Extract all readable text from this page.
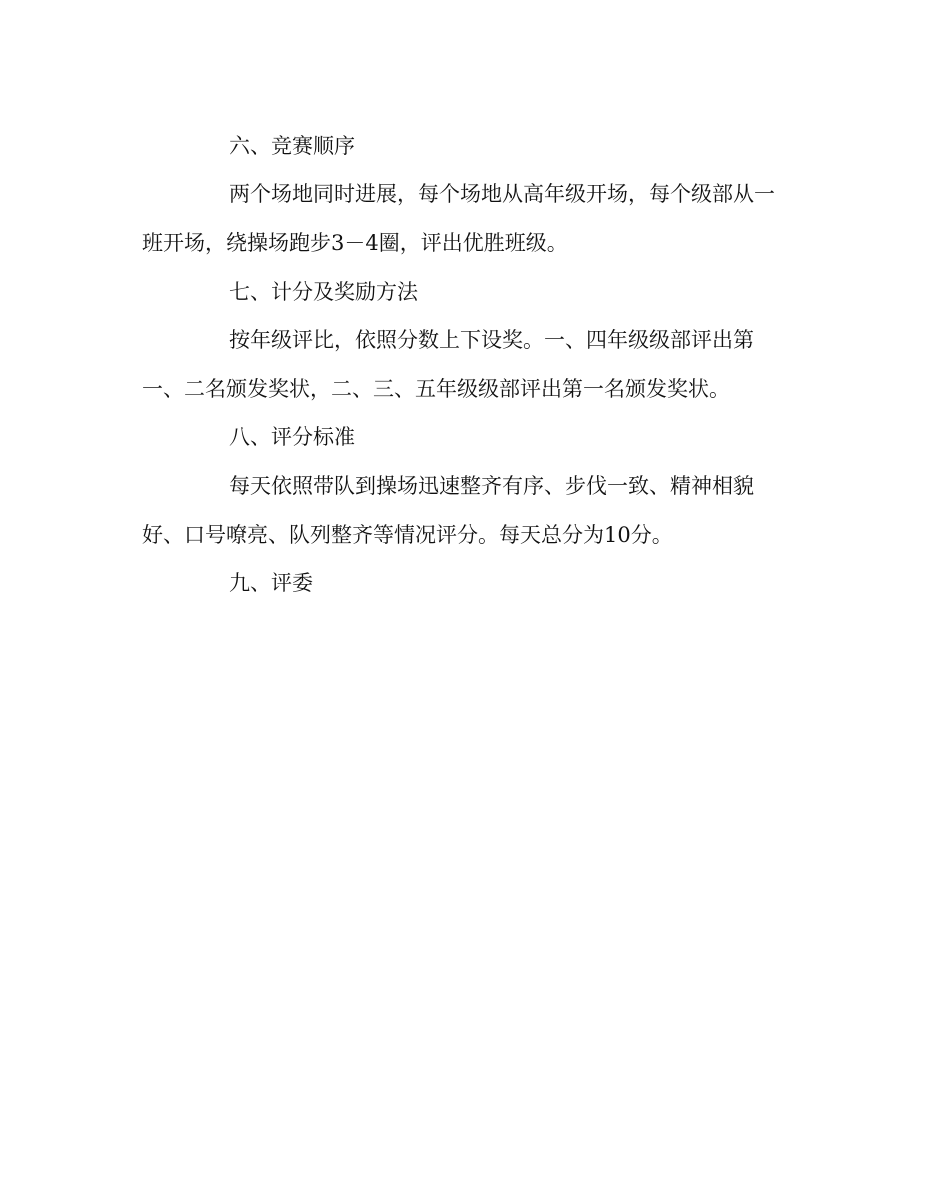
六、竞赛顺序
两个场地同时进展，每个场地从高年级开场，每个级部从一
班开场，绕操场跑步3－4圈，评出优胜班级。
七、计分及奖励方法
按年级评比，依照分数上下设奖。一、四年级级部评出第
一、二名颁发奖状，二、三、五年级级部评出第一名颁发奖状。
八、评分标准
每天依照带队到操场迅速整齐有序、步伐一致、精神相貌
好、口号嘹亮、队列整齐等情况评分。每天总分为10分。
九、评委
